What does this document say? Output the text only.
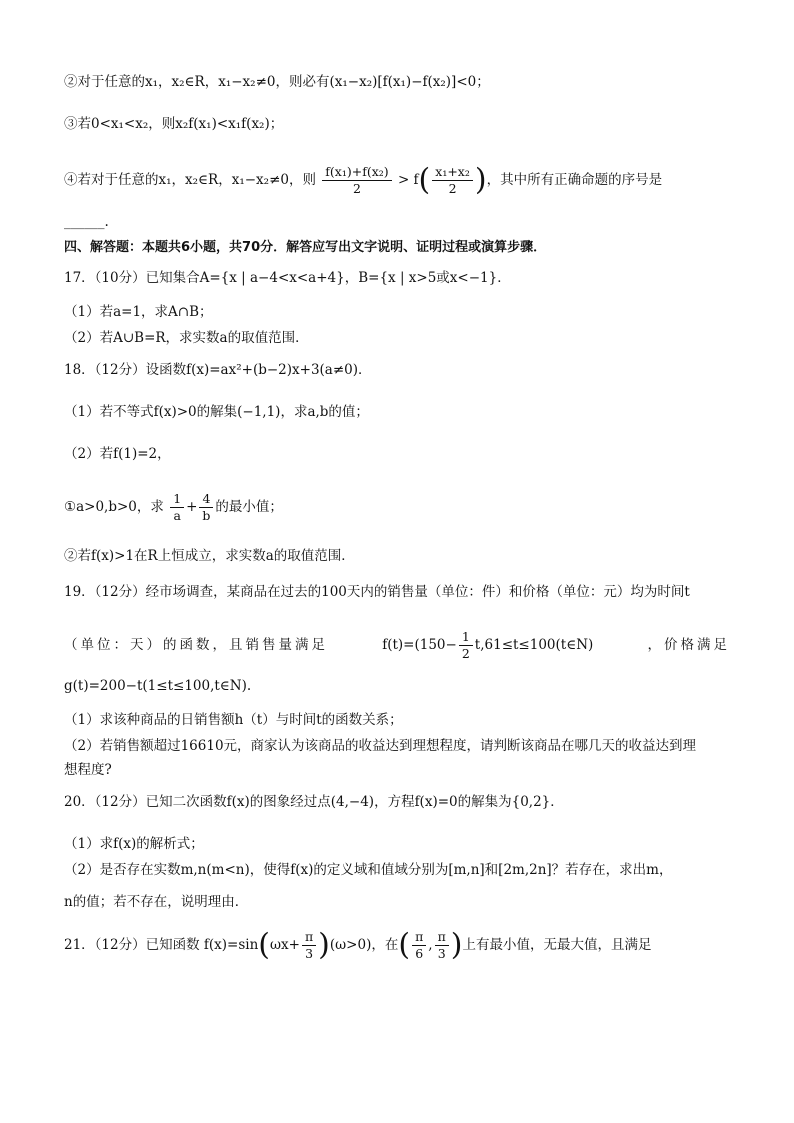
②对于任意的x₁，x₂∈R，x₁−x₂≠0，则必有(x₁−x₂)[f(x₁)−f(x₂)]<0；
③若0<x₁<x₂，则x₂f(x₁)<x₁f(x₂)；
④若对于任意的x₁，x₂∈R，x₁−x₂≠0，则 $\frac{\text{f(x₁)+f(x₂)}}{2} > f( \frac{\text{x₁+x₂}}{2}$ )，其中所有正确命题的序号是
______.
四、解答题：本题共6小题，共70分．解答应写出文字说明、证明过程或演算步骤．
17．（10分）已知集合A={x | a−4<x<a+4}，B={x | x>5或x<−1}．
（1）若a=1，求A∩B；
（2）若A∪B=R，求实数a的取值范围．
18．（12分）设函数f(x)=ax²+(b−2)x+3(a≠0)．
（1）若不等式f(x)>0的解集(−1,1)，求a,b的值；
（2）若f(1)=2，
①a>0,b>0，求 $\frac{1}{a} + \frac{4}{b}$ 的最小值；
②若f(x)>1在R上恒成立，求实数a的取值范围．
19．（12分）经市场调查，某商品在过去的100天内的销售量（单位：件）和价格（单位：元）均为时间t
（单位：天）的函数，且销售量满足	$f(t)=(150- \frac{1}{2}$ t,61≤t≤100(t∈N)	，价格满足
g(t)=200−t(1≤t≤100,t∈N).
（1）求该种商品的日销售额h（t）与时间t的函数关系；
（2）若销售额超过16610元，商家认为该商品的收益达到理想程度，请判断该商品在哪几天的收益达到理
想程度?
20．（12分）已知二次函数f(x)的图象经过点(4,−4)，方程f(x)=0的解集为{0,2}．
（1）求f(x)的解析式；
（2）是否存在实数m,n(m<n)，使得f(x)的定义域和值域分别为[m,n]和[2m,2n]？若存在，求出m，
n的值；若不存在，说明理由．
21．（12分）已知函数 $f(x)=\sin(\omega x+ \frac{\pi}{3} )(\omega>0)$，在( $\frac{\pi}{6}$ , $\frac{\pi}{3}$ )上有最小值，无最大值，且满足
